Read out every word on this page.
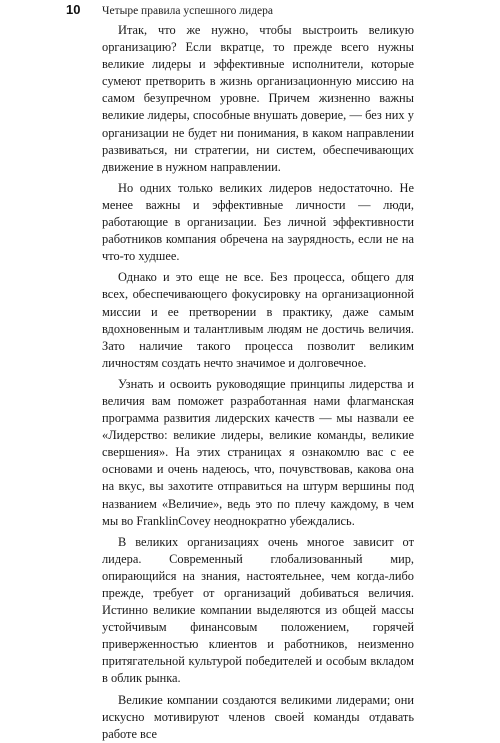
10	Четыре правила успешного лидера

Итак, что же нужно, чтобы выстроить великую организацию? Если вкратце, то прежде всего нужны великие лидеры и эффективные исполнители, которые сумеют претворить в жизнь организационную миссию на самом безупречном уровне. Причем жизненно важны великие лидеры, способные внушать доверие, — без них у организации не будет ни понимания, в каком направлении развиваться, ни стратегии, ни систем, обеспечивающих движение в нужном направлении.

Но одних только великих лидеров недостаточно. Не менее важны и эффективные личности — люди, работающие в организации. Без личной эффективности работников компания обречена на заурядность, если не на что-то худшее.

Однако и это еще не все. Без процесса, общего для всех, обеспечивающего фокусировку на организационной миссии и ее претворении в практику, даже самым вдохновенным и талантливым людям не достичь величия. Зато наличие такого процесса позволит великим личностям создать нечто значимое и долговечное.

Узнать и освоить руководящие принципы лидерства и величия вам поможет разработанная нами флагманская программа развития лидерских качеств — мы назвали ее «Лидерство: великие лидеры, великие команды, великие свершения». На этих страницах я ознакомлю вас с ее основами и очень надеюсь, что, почувствовав, какова она на вкус, вы захотите отправиться на штурм вершины под названием «Величие», ведь это по плечу каждому, в чем мы во FranklinCovey неоднократно убеждались.

В великих организациях очень многое зависит от лидера. Современный глобализованный мир, опирающийся на знания, настоятельнее, чем когда-либо прежде, требует от организаций добиваться величия. Истинно великие компании выделяются из общей массы устойчивым финансовым положением, горячей приверженностью клиентов и работников, неизменно притягательной культурой победителей и особым вкладом в облик рынка.

Великие компании создаются великими лидерами; они искусно мотивируют членов своей команды отдавать работе все
